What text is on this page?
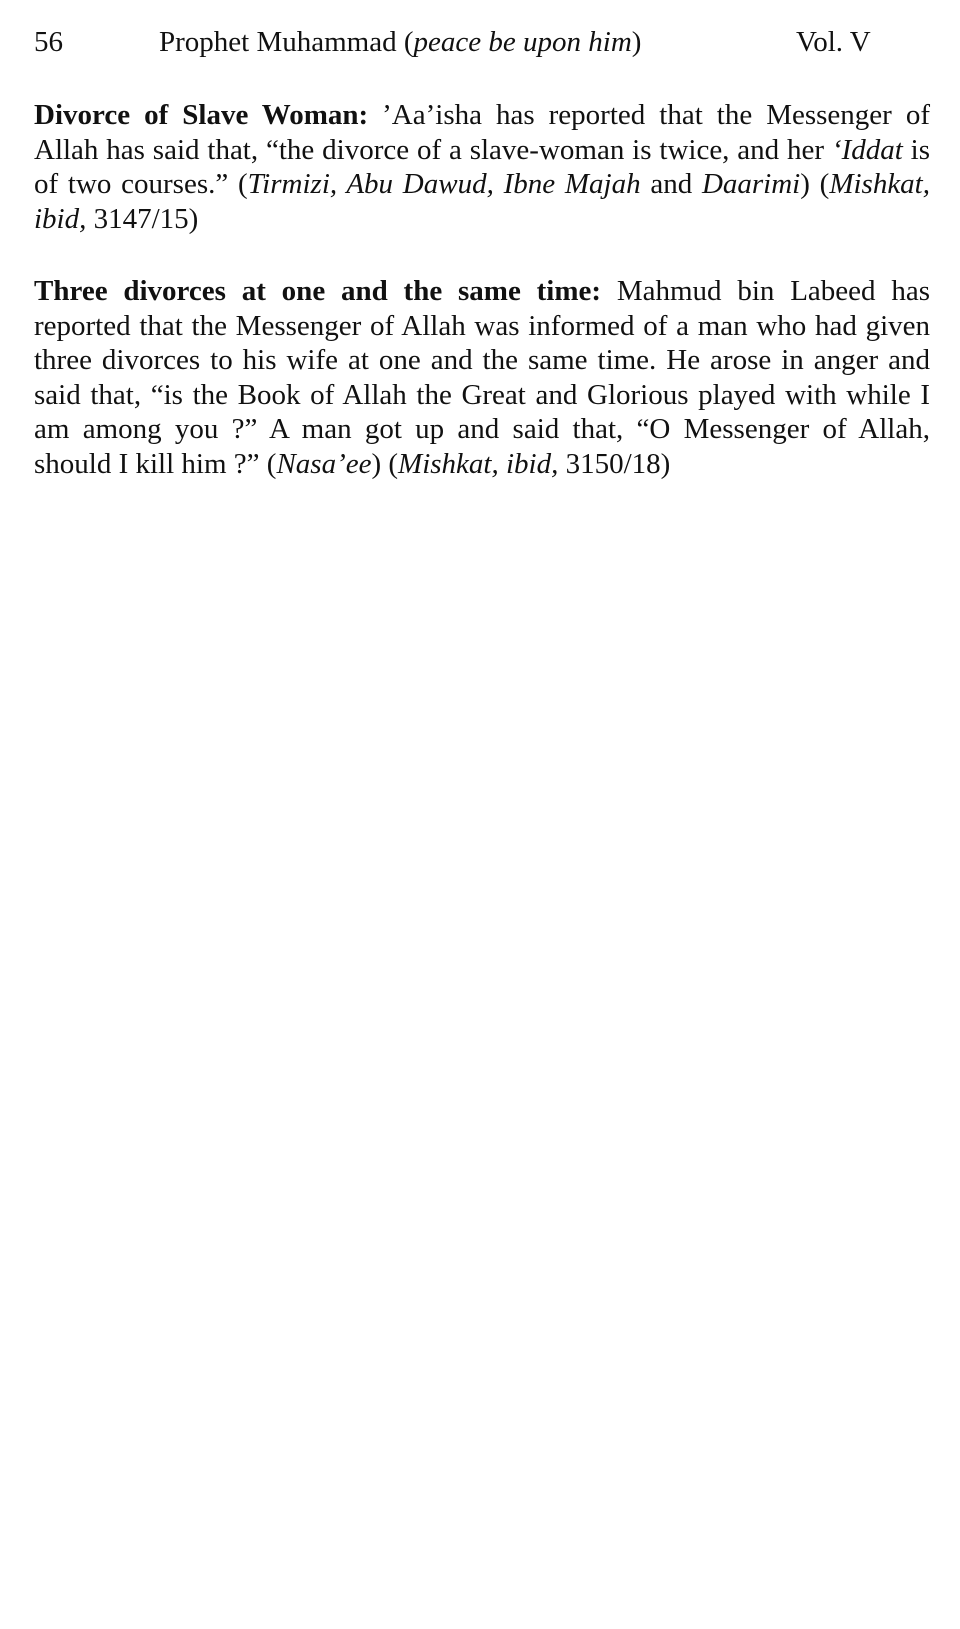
56	Prophet Muhammad (peace be upon him)	Vol. V

Divorce of Slave Woman: ’Aa’isha has reported that the Messenger of Allah has said that, “the divorce of a slave-woman is twice, and her ‘Iddat is of two courses.” (Tirmizi, Abu Dawud, Ibne Majah and Daarimi) (Mishkat, ibid, 3147/15)

Three divorces at one and the same time: Mahmud bin Labeed has reported that the Messenger of Allah was informed of a man who had given three divorces to his wife at one and the same time. He arose in anger and said that, “is the Book of Allah the Great and Glorious played with while I am among you ?” A man got up and said that, “O Messenger of Allah, should I kill him ?” (Nasa’ee) (Mishkat, ibid, 3150/18)
